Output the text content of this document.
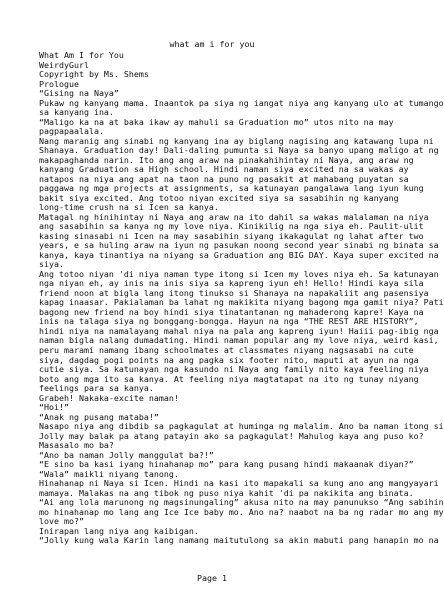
what am i for you
What Am I for You
WeirdyGurl
Copyright by Ms. Shems
Prologue
“Gising na Naya”
Pukaw ng kanyang mama. Inaantok pa siya ng iangat niya ang kanyang ulo at tumango
sa kanyang ina.
“Maligo ka na at baka ikaw ay mahuli sa Graduation mo” utos nito na may
pagpapaalala.
Nang maranig ang sinabi ng kanyang ina ay biglang nagising ang katawang lupa ni
Shanaya. Graduation day! Dali-daling pumunta si Naya sa banyo upang maligo at ng
makapaghanda narin. Ito ang ang araw na pinakahihintay ni Naya, ang araw ng
kanyang Graduation sa High school. Hindi naman siya excited na sa wakas ay
natapos na niya ang apat na taon na puno ng pasakit at mahabang puyatan sa
paggawa ng mga projects at assignments, sa katunayan pangalawa lang iyun kung
bakit siya excited. Ang totoo niyan excited siya sa sasabihin ng kanyang
long-time crush na si Icen sa kanya.
Matagal ng hinihintay ni Naya ang araw na ito dahil sa wakas malalaman na niya
ang sasabihin sa kanya ng my love niya. Kinikilig na nga siya eh. Paulit-ulit
kasing sinasabi ni Icen na may sasabihin siyang ikakagulat ng lahat after two
years, e sa huling araw na iyun ng pasukan noong second year sinabi ng binata sa
kanya, kaya tinantiya na niyang sa Graduation ang BIG DAY. Kaya super excited na
siya.
Ang totoo niyan 'di niya naman type itong si Icen my loves niya eh. Sa katunayan
nga niyan eh, ay inis na inis siya sa kapreng iyun eh! Hello! Hindi kaya sila
friend noon at bigla lang itong tinukso si Shanaya na napakaliit ang pasensiya
kapag inaasar. Pakialaman ba lahat ng makikita niyang bagong mga gamit niya? Pati
bagong new friend na boy hindi siya tinatantanan ng mahaderong kapre! Kaya na
inis na talaga siya ng bonggang-bongga. Hayun na nga “THE REST ARE HISTORY”,
hindi niya na namalayang mahal niya na pala ang kapreng iyun! Haiii pag-ibig nga
naman bigla nalang dumadating. Hindi naman popular ang my love niya, weird kasi,
peru marami namang ibang schoolmates at classmates niyang nagsasabi na cute
siya, dagdag pogi points na ang pagka six footer nito, maputi at ayun na nga
cutie siya. Sa katunayan nga kasundo ni Naya ang family nito kaya feeling niya
boto ang mga ito sa kanya. At feeling niya magtatapat na ito ng tunay niyang
feelings para sa kanya.
Grabeh! Nakaka-excite naman!
“Hoi!”
“Anak ng pusang mataba!”
Nasapo niya ang dibdib sa pagkagulat at huminga ng malalim. Ano ba naman itong si
Jolly may balak pa atang patayin ako sa pagkagulat! Mahulog kaya ang puso ko?
Masasalo mo ba?
“Ano ba naman Jolly manggulat ba?!”
“E sino ba kasi iyang hinahanap mo” para kang pusang hindi makaanak diyan?”
“Wala” maikli niyang tanong.
Hinahanap ni Naya si Icen. Hindi na kasi ito mapakali sa kung ano ang mangyayari
mamaya. Malakas na ang tibok ng puso niya kahit 'di pa nakikita ang binata.
“Ai ang lola marunong ng magsinungaling” akusa nito na may panunukso “Ang sabihin
mo hinahanap mo lang ang Ice Ice baby mo. Ano na? naabot na ba ng radar mo ang my
love mo?”
Inirapan lang niya ang kaibigan.
“Jolly kung wala Karin lang namang maitutulong sa akin mabuti pang hanapin mo na
Page 1
